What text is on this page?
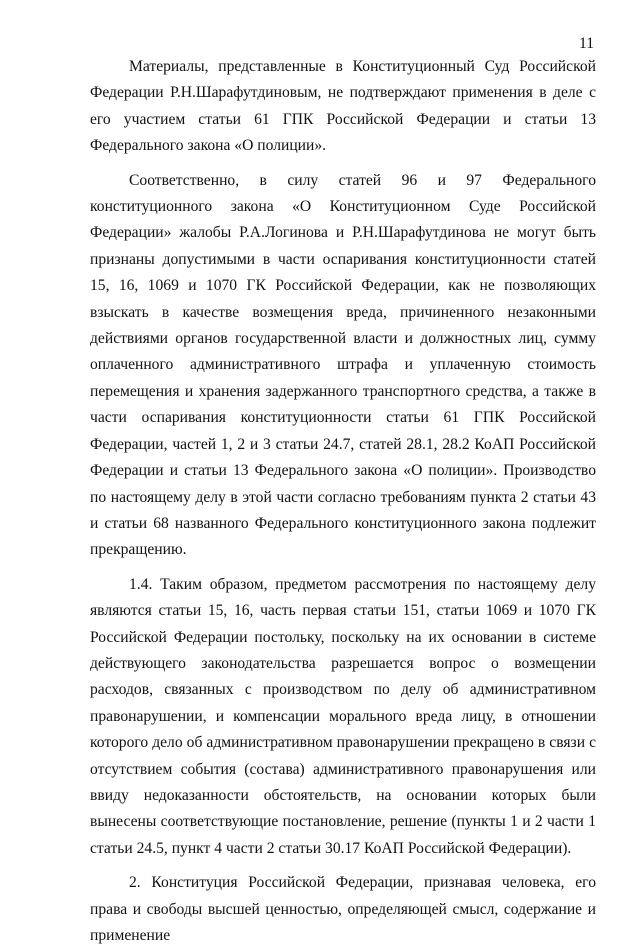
11

Материалы, представленные в Конституционный Суд Российской Федерации Р.Н.Шарафутдиновым, не подтверждают применения в деле с его участием статьи 61 ГПК Российской Федерации и статьи 13 Федерального закона «О полиции».

Соответственно, в силу статей 96 и 97 Федерального конституционного закона «О Конституционном Суде Российской Федерации» жалобы Р.А.Логинова и Р.Н.Шарафутдинова не могут быть признаны допустимыми в части оспаривания конституционности статей 15, 16, 1069 и 1070 ГК Российской Федерации, как не позволяющих взыскать в качестве возмещения вреда, причиненного незаконными действиями органов государственной власти и должностных лиц, сумму оплаченного административного штрафа и уплаченную стоимость перемещения и хранения задержанного транспортного средства, а также в части оспаривания конституционности статьи 61 ГПК Российской Федерации, частей 1, 2 и 3 статьи 24.7, статей 28.1, 28.2 КоАП Российской Федерации и статьи 13 Федерального закона «О полиции». Производство по настоящему делу в этой части согласно требованиям пункта 2 статьи 43 и статьи 68 названного Федерального конституционного закона подлежит прекращению.

1.4. Таким образом, предметом рассмотрения по настоящему делу являются статьи 15, 16, часть первая статьи 151, статьи 1069 и 1070 ГК Российской Федерации постольку, поскольку на их основании в системе действующего законодательства разрешается вопрос о возмещении расходов, связанных с производством по делу об административном правонарушении, и компенсации морального вреда лицу, в отношении которого дело об административном правонарушении прекращено в связи с отсутствием события (состава) административного правонарушения или ввиду недоказанности обстоятельств, на основании которых были вынесены соответствующие постановление, решение (пункты 1 и 2 части 1 статьи 24.5, пункт 4 части 2 статьи 30.17 КоАП Российской Федерации).

2. Конституция Российской Федерации, признавая человека, его права и свободы высшей ценностью, определяющей смысл, содержание и применение
